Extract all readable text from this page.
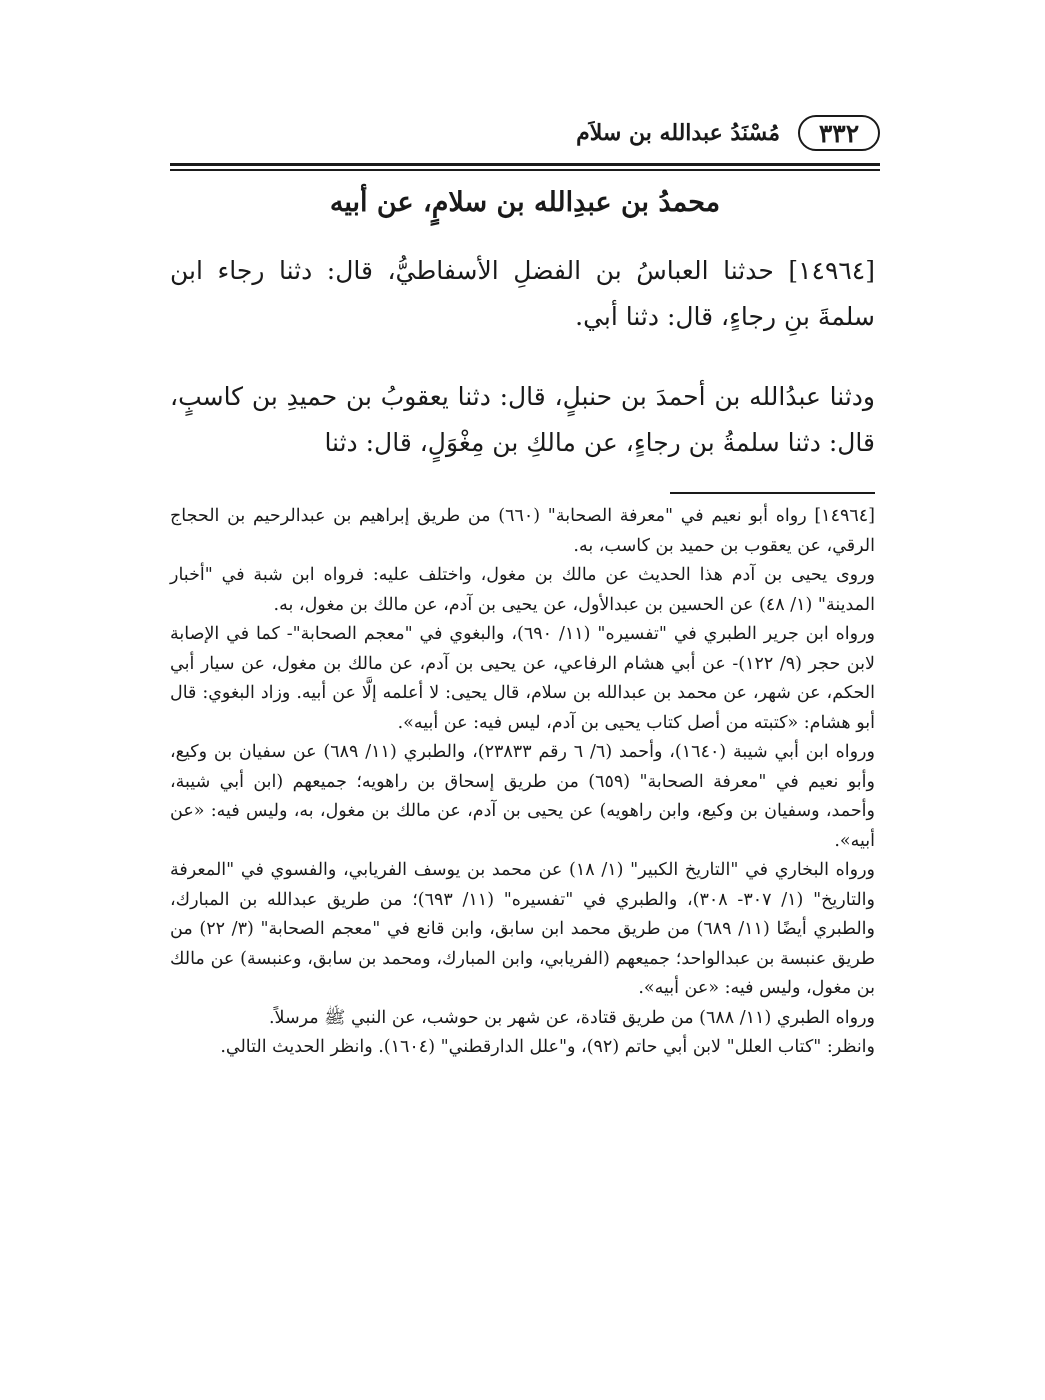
٣٣٢
مُسْنَدُ عبدالله بن سلاَم
محمدُ بن عبدِالله بن سلامٍ، عن أبيه

[١٤٩٦٤] حدثنا العباسُ بن الفضلِ الأسفاطيُّ، قال: دثنا رجاء ابن سلمةَ بنِ رجاءٍ، قال: دثنا أبي.

ودثنا عبدُالله بن أحمدَ بن حنبلٍ، قال: دثنا يعقوبُ بن حميدِ بن كاسبٍ، قال: دثنا سلمةُ بن رجاءٍ، عن مالكِ بن مِغْوَلٍ، قال: دثنا

[١٤٩٦٤] رواه أبو نعيم في "معرفة الصحابة" (٦٦٠) من طريق إبراهيم بن عبدالرحيم بن الحجاج الرقي، عن يعقوب بن حميد بن كاسب، به.

وروى يحيى بن آدم هذا الحديث عن مالك بن مغول، واختلف عليه: فرواه ابن شبة في "أخبار المدينة" (١/ ٤٨) عن الحسين بن عبدالأول، عن يحيى بن آدم، عن مالك بن مغول، به.

ورواه ابن جرير الطبري في "تفسيره" (١١/ ٦٩٠)، والبغوي في "معجم الصحابة"- كما في الإصابة لابن حجر (٩/ ١٢٢)- عن أبي هشام الرفاعي، عن يحيى بن آدم، عن مالك بن مغول، عن سيار أبي الحكم، عن شهر، عن محمد بن عبدالله بن سلام، قال يحيى: لا أعلمه إلَّا عن أبيه. وزاد البغوي: قال أبو هشام: «كتبته من أصل كتاب يحيى بن آدم، ليس فيه: عن أبيه».

ورواه ابن أبي شيبة (١٦٤٠)، وأحمد (٦/ ٦ رقم ٢٣٨٣٣)، والطبري (١١/ ٦٨٩) عن سفيان بن وكيع، وأبو نعيم في "معرفة الصحابة" (٦٥٩) من طريق إسحاق بن راهويه؛ جميعهم (ابن أبي شيبة، وأحمد، وسفيان بن وكيع، وابن راهويه) عن يحيى بن آدم، عن مالك بن مغول، به، وليس فيه: «عن أبيه».

ورواه البخاري في "التاريخ الكبير" (١/ ١٨) عن محمد بن يوسف الفريابي، والفسوي في "المعرفة والتاريخ" (١/ ٣٠٧- ٣٠٨)، والطبري في "تفسيره" (١١/ ٦٩٣)؛ من طريق عبدالله بن المبارك، والطبري أيضًا (١١/ ٦٨٩) من طريق محمد ابن سابق، وابن قانع في "معجم الصحابة" (٣/ ٢٢) من طريق عنبسة بن عبدالواحد؛ جميعهم (الفريابي، وابن المبارك، ومحمد بن سابق، وعنبسة) عن مالك بن مغول، وليس فيه: «عن أبيه».

ورواه الطبري (١١/ ٦٨٨) من طريق قتادة، عن شهر بن حوشب، عن النبي ﷺ مرسلاً.

وانظر: "كتاب العلل" لابن أبي حاتم (٩٢)، و"علل الدارقطني" (١٦٠٤). وانظر الحديث التالي.
